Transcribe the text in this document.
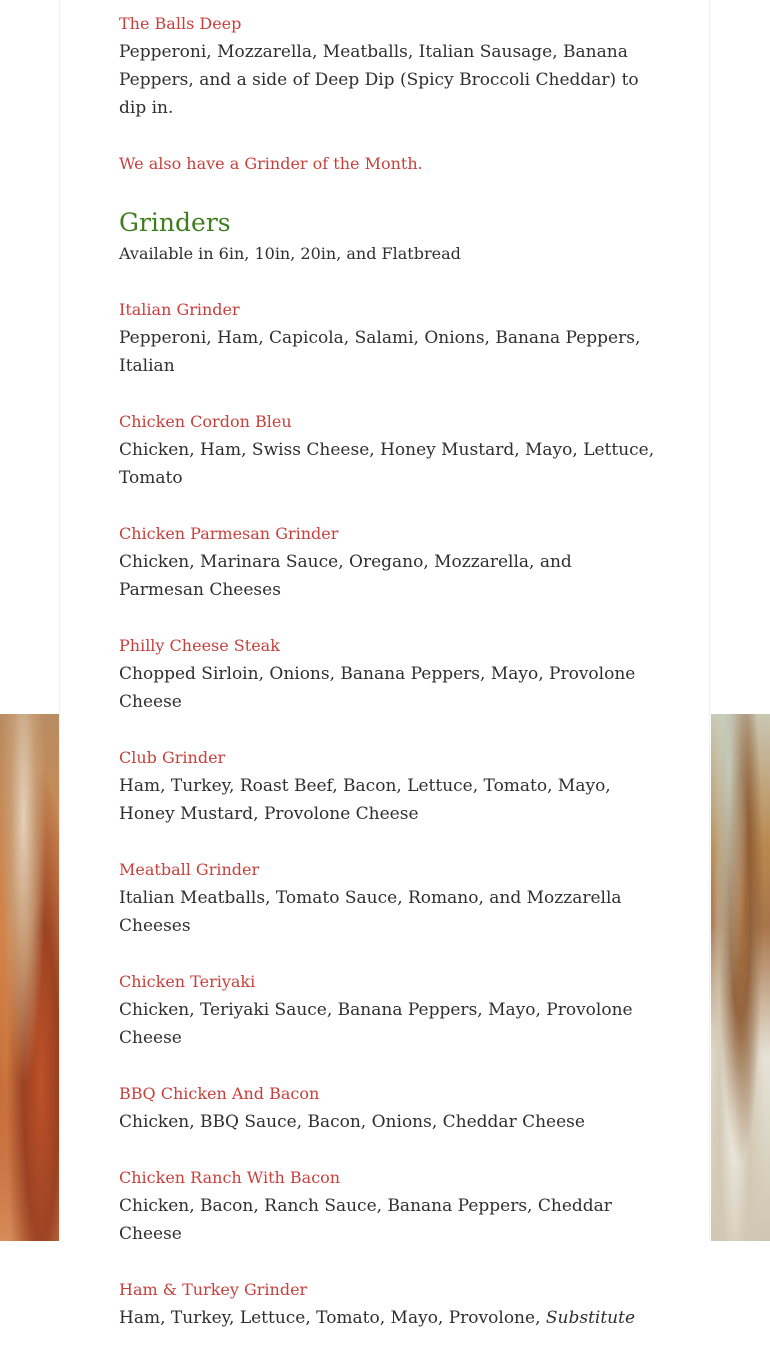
The Balls Deep

Pepperoni, Mozzarella, Meatballs, Italian Sausage, Banana Peppers, and a side of Deep Dip (Spicy Broccoli Cheddar) to dip in.

We also have a Grinder of the Month.

Grinders

Available in 6in, 10in, 20in, and Flatbread

Italian Grinder

Pepperoni, Ham, Capicola, Salami, Onions, Banana Peppers, Italian

Chicken Cordon Bleu

Chicken, Ham, Swiss Cheese, Honey Mustard, Mayo, Lettuce, Tomato

Chicken Parmesan Grinder

Chicken, Marinara Sauce, Oregano, Mozzarella, and Parmesan Cheeses

Philly Cheese Steak

Chopped Sirloin, Onions, Banana Peppers, Mayo, Provolone Cheese

Club Grinder

Ham, Turkey, Roast Beef, Bacon, Lettuce, Tomato, Mayo, Honey Mustard, Provolone Cheese

Meatball Grinder

Italian Meatballs, Tomato Sauce, Romano, and Mozzarella Cheeses

Chicken Teriyaki

Chicken, Teriyaki Sauce, Banana Peppers, Mayo, Provolone Cheese

BBQ Chicken And Bacon

Chicken, BBQ Sauce, Bacon, Onions, Cheddar Cheese

Chicken Ranch With Bacon

Chicken, Bacon, Ranch Sauce, Banana Peppers, Cheddar Cheese

Ham & Turkey Grinder

Ham, Turkey, Lettuce, Tomato, Mayo, Provolone, Substitute
